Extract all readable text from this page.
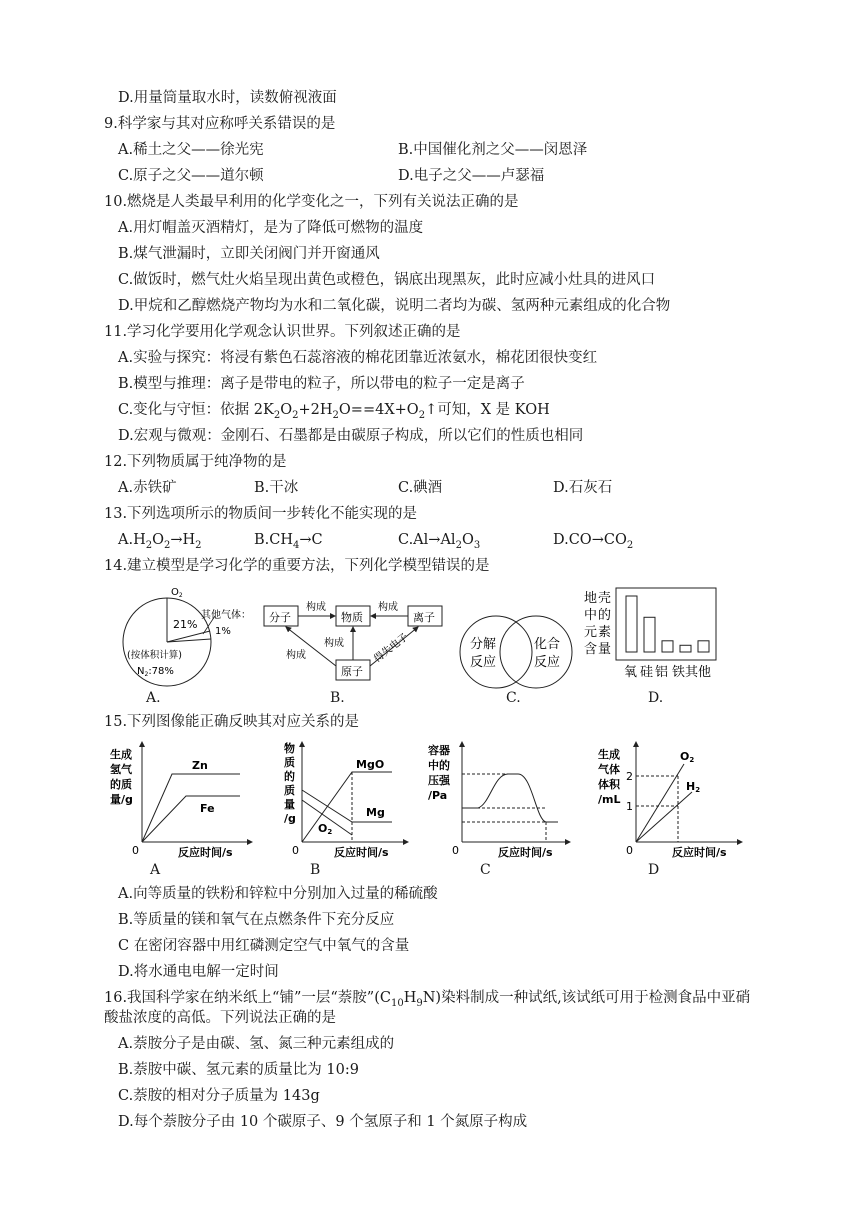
D.用量筒量取水时，读数俯视液面
9.科学家与其对应称呼关系错误的是
A.稀土之父——徐光宪	B.中国催化剂之父——闵恩泽
C.原子之父——道尔顿	D.电子之父——卢瑟福
10.燃烧是人类最早利用的化学变化之一，下列有关说法正确的是
A.用灯帽盖灭酒精灯，是为了降低可燃物的温度
B.煤气泄漏时，立即关闭阀门并开窗通风
C.做饭时，燃气灶火焰呈现出黄色或橙色，锅底出现黑灰，此时应减小灶具的进风口
D.甲烷和乙醇燃烧产物均为水和二氧化碳，说明二者均为碳、氢两种元素组成的化合物
11.学习化学要用化学观念认识世界。下列叙述正确的是
A.实验与探究：将浸有紫色石蕊溶液的棉花团靠近浓氨水，棉花团很快变红
B.模型与推理：离子是带电的粒子，所以带电的粒子一定是离子
C.变化与守恒：依据 $2K_2O_2+2H_2O==4X+O_2↑$可知，X 是 KOH
D.宏观与微观：金刚石、石墨都是由碳原子构成，所以它们的性质也相同
12.下列物质属于纯净物的是
A.赤铁矿	B.干冰	C.碘酒	D.石灰石
13.下列选项所示的物质间一步转化不能实现的是
$A.H_2O_2\to H_2$	$B.CH_4\to C$	$C.Al\to Al_2O_3$	$D.CO\to CO_2$
14.建立模型是学习化学的重要方法，下列化学模型错误的是
$O_2$
21%
其他气体：
1%
(按体积计算)
$N_2:78\%$
A.
分子	物质	离子
原子
构成	构成
构成
构成	得失电子
B.
分解
反应
化合
反应
C.
地 壳
中 的
元 素
含 量
氧 硅 铝 铁 其他
D.
15.下列图像能正确反映其对应关系的是
生成
氢气
的质
量/g
Zn
Fe
0	反应时间/s
A
物
质
的
质
量
/g
MgO
Mg
O2
0	反应时间/s
B
容器
中的
压强
/Pa
0	反应时间/s
C
生成
气体
体积
/mL
2
1
O2
H2
0	反应时间/s
D
A.向等质量的铁粉和锌粒中分别加入过量的稀硫酸
B.等质量的镁和氧气在点燃条件下充分反应
C 在密闭容器中用红磷测定空气中氧气的含量
D.将水通电电解一定时间
16.我国科学家在纳米纸上“铺”一层“萘胺$”(C_{10}H_9N)$染料制成一种试纸,该试纸可用于检测食品中亚硝
酸盐浓度的高低。下列说法正确的是
A.萘胺分子是由碳、氢、氮三种元素组成的
B.萘胺中碳、氢元素的质量比为 10:9
C.萘胺的相对分子质量为 143g
D.每个萘胺分子由 10 个碳原子、9 个氢原子和 1 个氮原子构成
